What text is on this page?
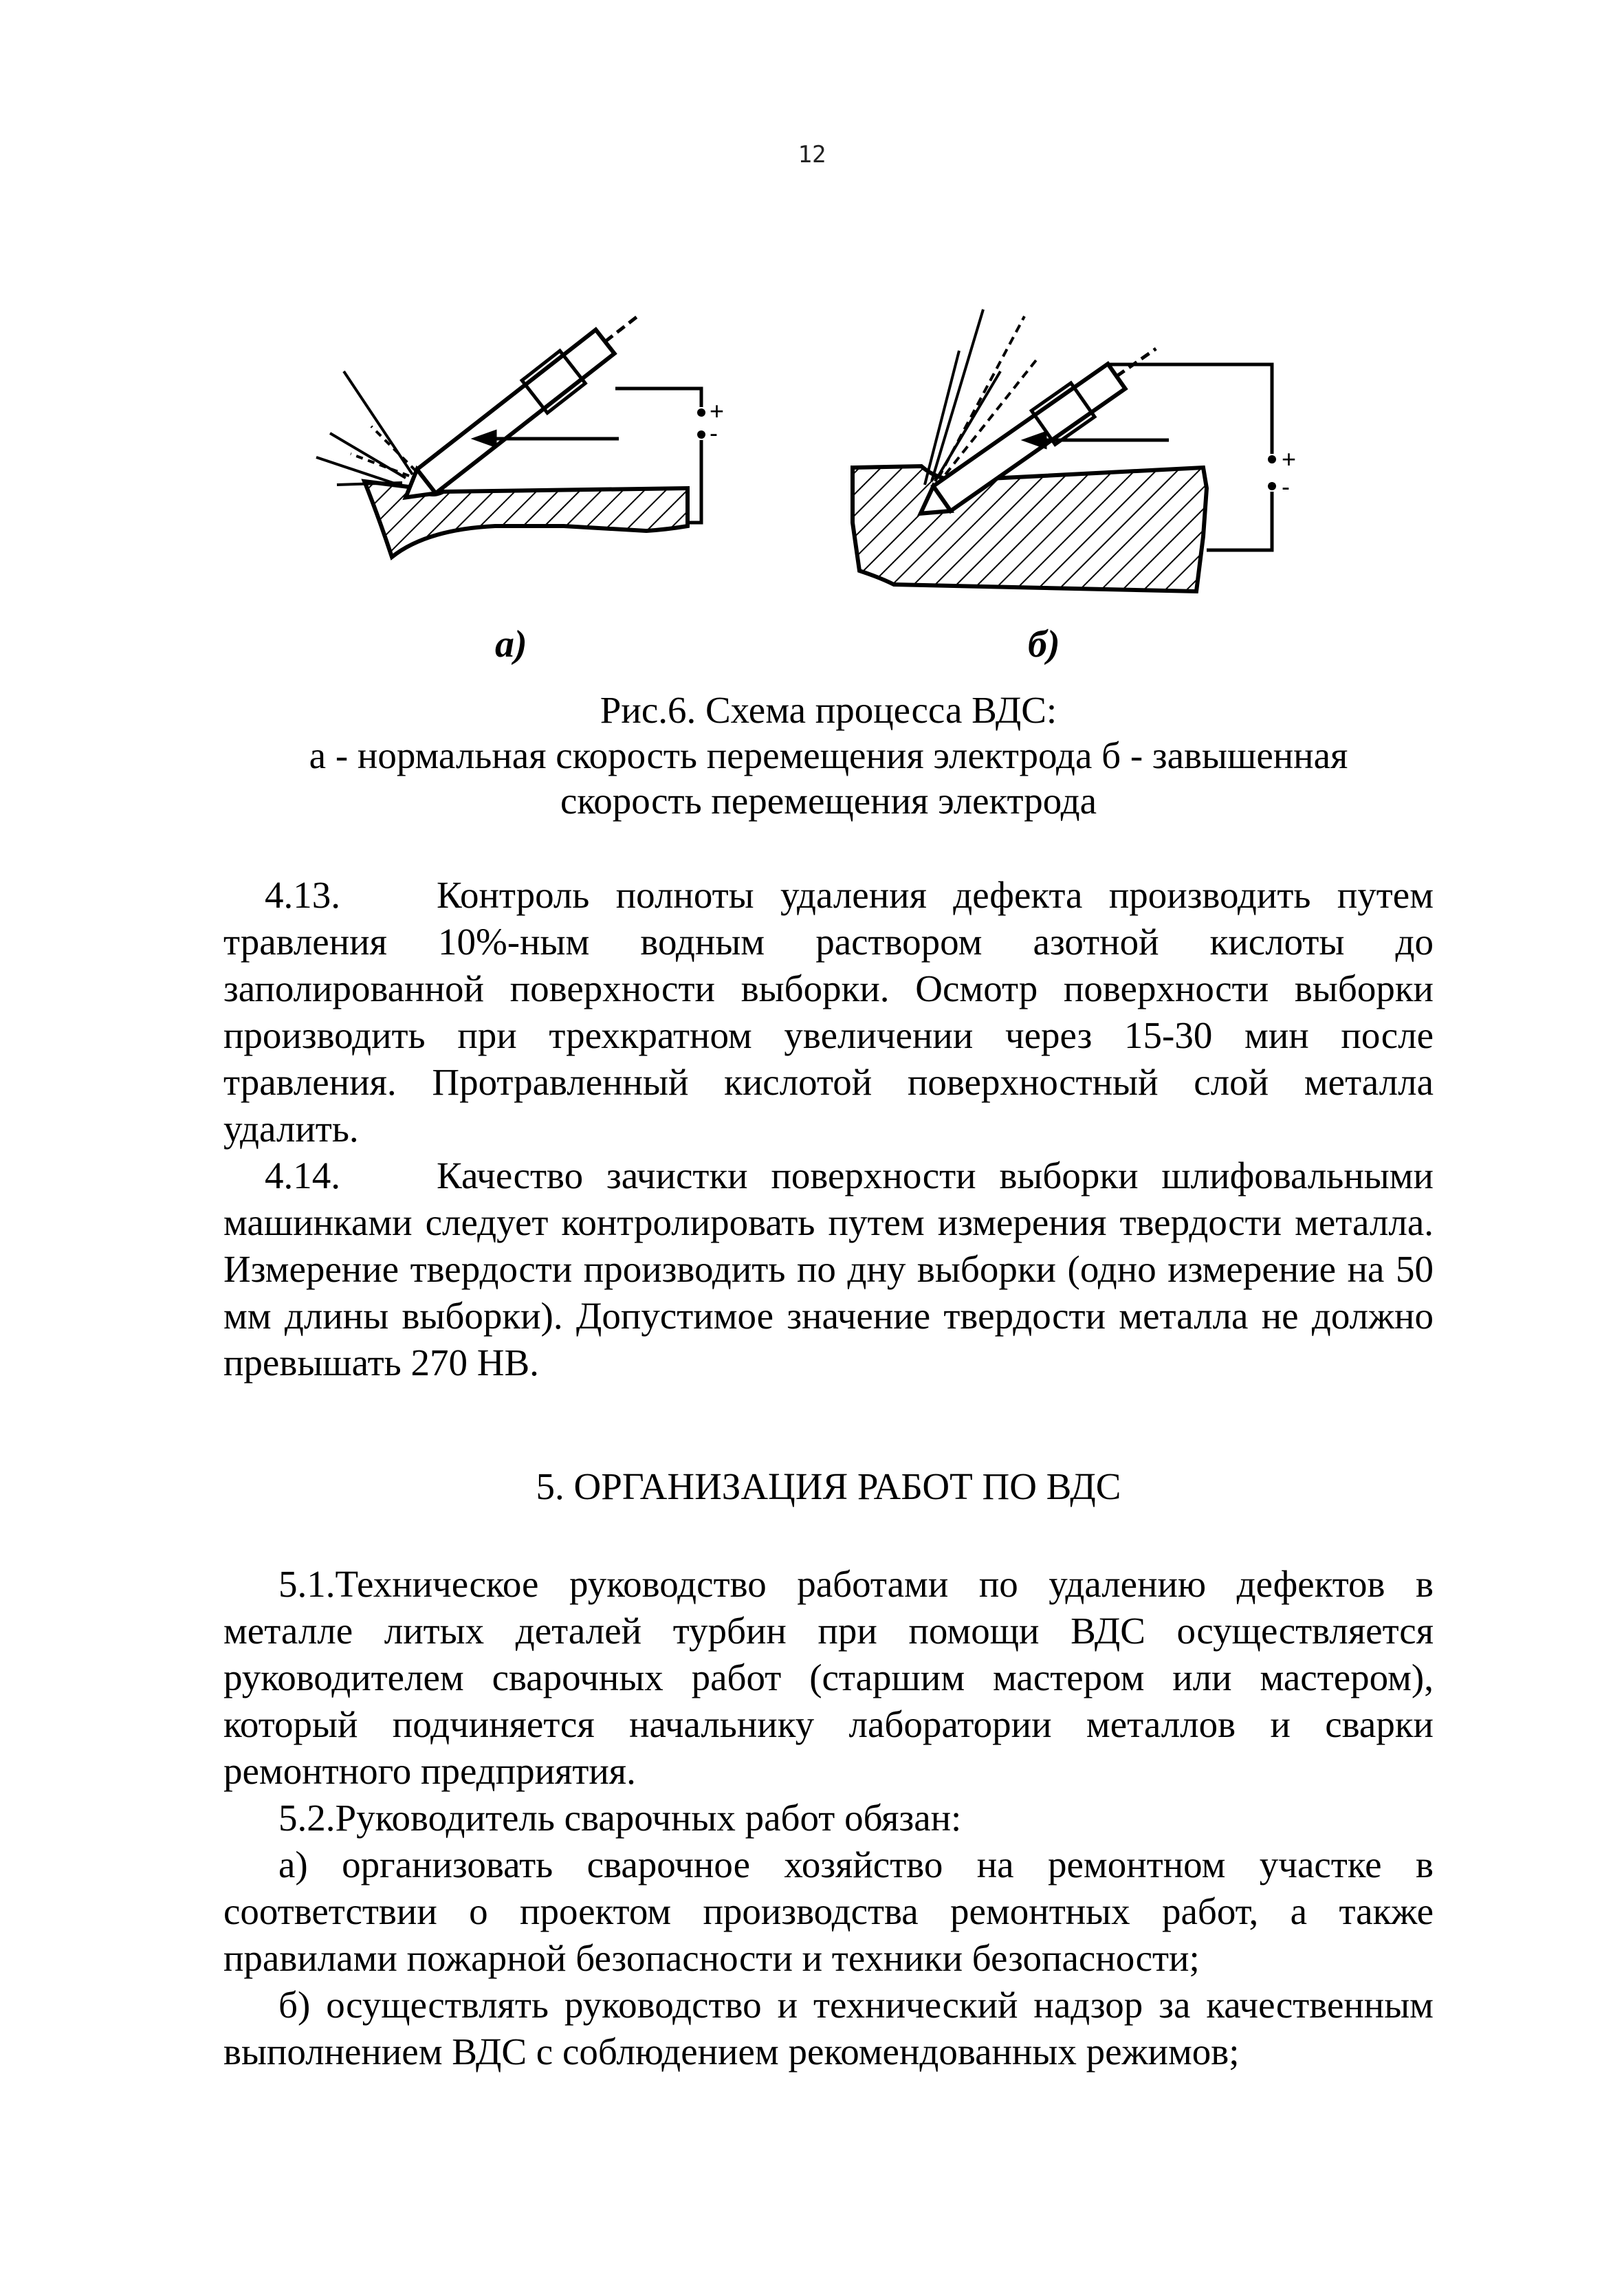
12
+
-
а)
+
-
б)
Рис.6. Схема процесса ВДС:
а - нормальная скорость перемещения электрода б - завышенная
скорость перемещения электрода

4.13.	Контроль полноты удаления дефекта производить путем травления 10%-ным водным раствором азотной кислоты до заполированной поверхности выборки. Осмотр поверхности выборки производить при трехкратном увеличении через 15-30 мин после травления. Протравленный кислотой поверхностный слой металла удалить.

4.14.	Качество зачистки поверхности выборки шлифовальными машинками следует контролировать путем измерения твердости металла. Измерение твердости производить по дну выборки (одно измерение на 50 мм длины выборки). Допустимое значение твердости металла не должно превышать 270 НВ.

5. ОРГАНИЗАЦИЯ РАБОТ ПО ВДС

5.1.Техническое руководство работами по удалению дефектов в металле литых деталей турбин при помощи ВДС осуществляется руководителем сварочных работ (старшим мастером или мастером), который подчиняется начальнику лаборатории металлов и сварки ремонтного предприятия.

5.2.Руководитель сварочных работ обязан:

а) организовать сварочное хозяйство на ремонтном участке в соответствии о проектом производства ремонтных работ, а также правилами пожарной безопасности и техники безопасности;

б) осуществлять руководство и технический надзор за качественным выполнением ВДС с соблюдением рекомендованных режимов;
